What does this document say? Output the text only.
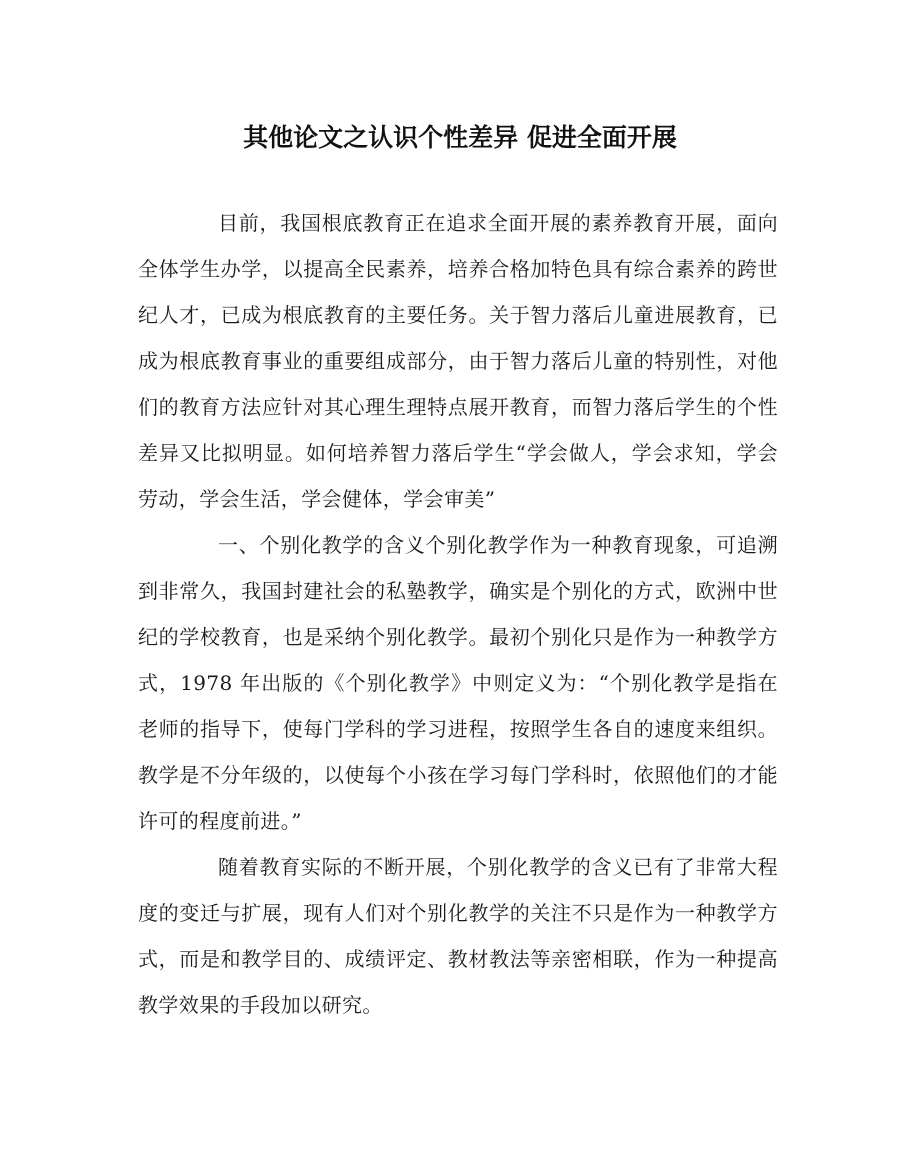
其他论文之认识个性差异 促进全面开展

目前，我国根底教育正在追求全面开展的素养教育开展，面向全体学生办学，以提高全民素养，培养合格加特色具有综合素养的跨世纪人才，已成为根底教育的主要任务。关于智力落后儿童进展教育，已成为根底教育事业的重要组成部分，由于智力落后儿童的特别性，对他们的教育方法应针对其心理生理特点展开教育，而智力落后学生的个性差异又比拟明显。如何培养智力落后学生“学会做人，学会求知，学会劳动，学会生活，学会健体，学会审美”

一、个别化教学的含义个别化教学作为一种教育现象，可追溯到非常久，我国封建社会的私塾教学，确实是个别化的方式，欧洲中世纪的学校教育，也是采纳个别化教学。最初个别化只是作为一种教学方式，1978 年出版的《个别化教学》中则定义为：“个别化教学是指在老师的指导下，使每门学科的学习进程，按照学生各自的速度来组织。教学是不分年级的，以使每个小孩在学习每门学科时，依照他们的才能许可的程度前进。”

随着教育实际的不断开展，个别化教学的含义已有了非常大程度的变迁与扩展，现有人们对个别化教学的关注不只是作为一种教学方式，而是和教学目的、成绩评定、教材教法等亲密相联，作为一种提高教学效果的手段加以研究。
